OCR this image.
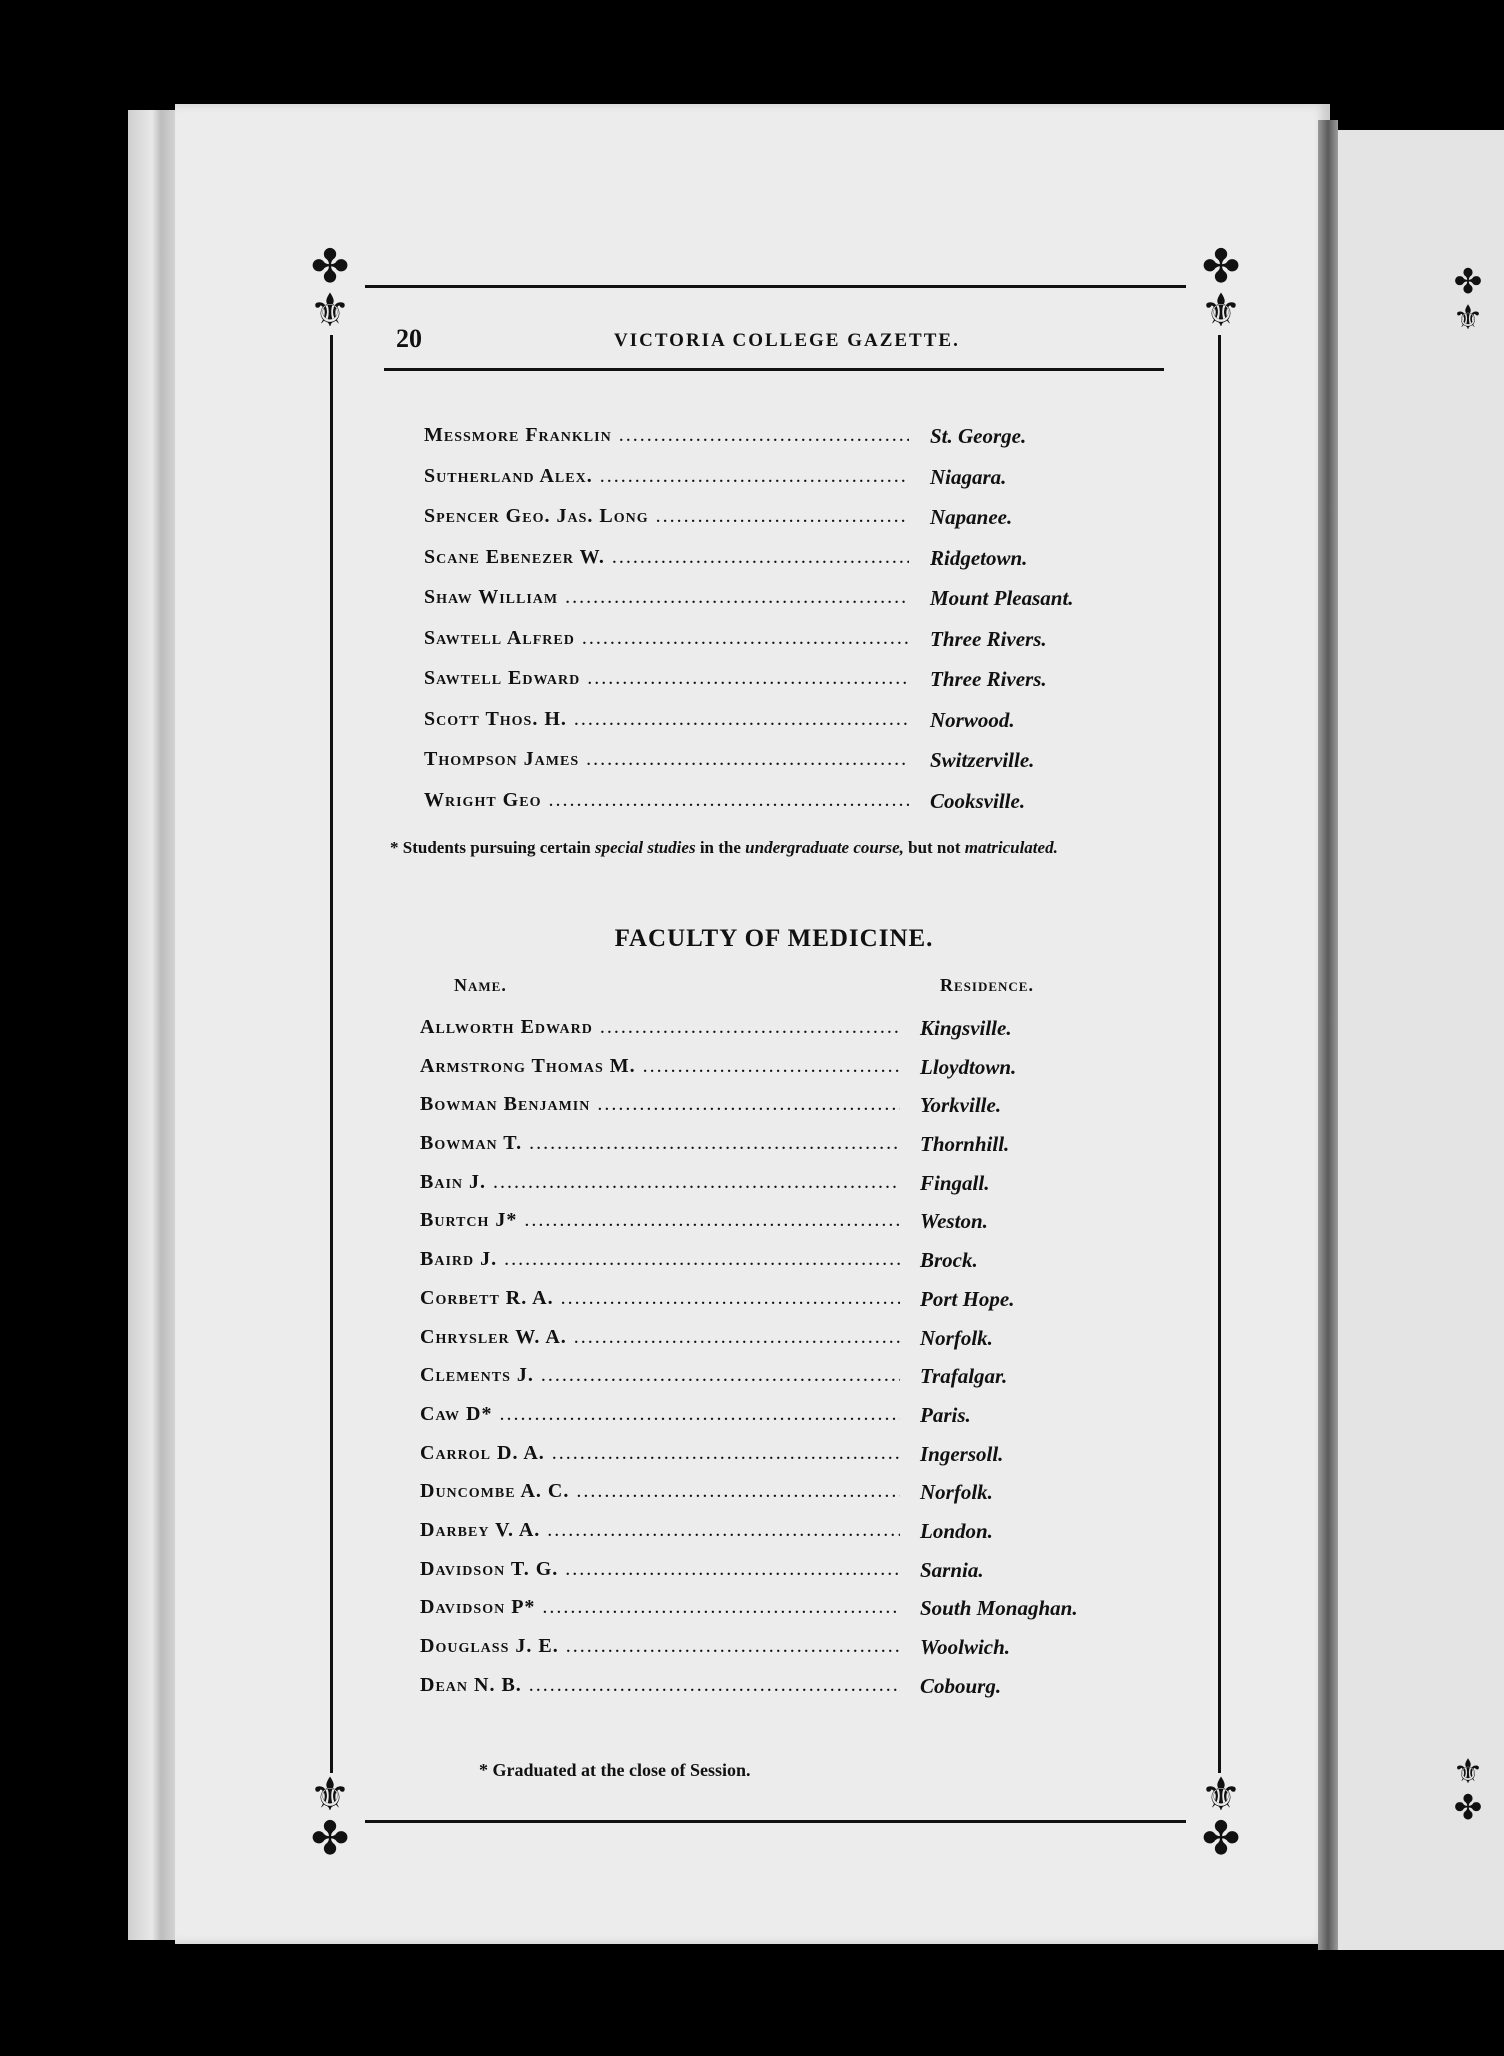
✤
⚜
⚜
✤
✤
⚜
✤
⚜
⚜
✤
⚜
✤
20	VICTORIA COLLEGE GAZETTE.
Messmore Franklin .....	St. George.
Sutherland Alex. .....	Niagara.
Spencer Geo. Jas. Long .....	Napanee.
Scane Ebenezer W. .....	Ridgetown.
Shaw William .....	Mount Pleasant.
Sawtell Alfred .....	Three Rivers.
Sawtell Edward .....	Three Rivers.
Scott Thos. H. .....	Norwood.
Thompson James .....	Switzerville.
Wright Geo .....	Cooksville.
* Students pursuing certain special studies in the undergraduate course, but not matriculated.
FACULTY OF MEDICINE.
Name.	Residence.
Allworth Edward .....	Kingsville.
Armstrong Thomas M. .....	Lloydtown.
Bowman Benjamin .....	Yorkville.
Bowman T. .....	Thornhill.
Bain J. .....	Fingall.
Burtch J* .....	Weston.
Baird J. .....	Brock.
Corbett R. A. .....	Port Hope.
Chrysler W. A. .....	Norfolk.
Clements J. .....	Trafalgar.
Caw D* .....	Paris.
Carrol D. A. .....	Ingersoll.
Duncombe A. C. .....	Norfolk.
Darbey V. A. .....	London.
Davidson T. G. .....	Sarnia.
Davidson P* .....	South Monaghan.
Douglass J. E. .....	Woolwich.
Dean N. B. .....	Cobourg.
* Graduated at the close of Session.
